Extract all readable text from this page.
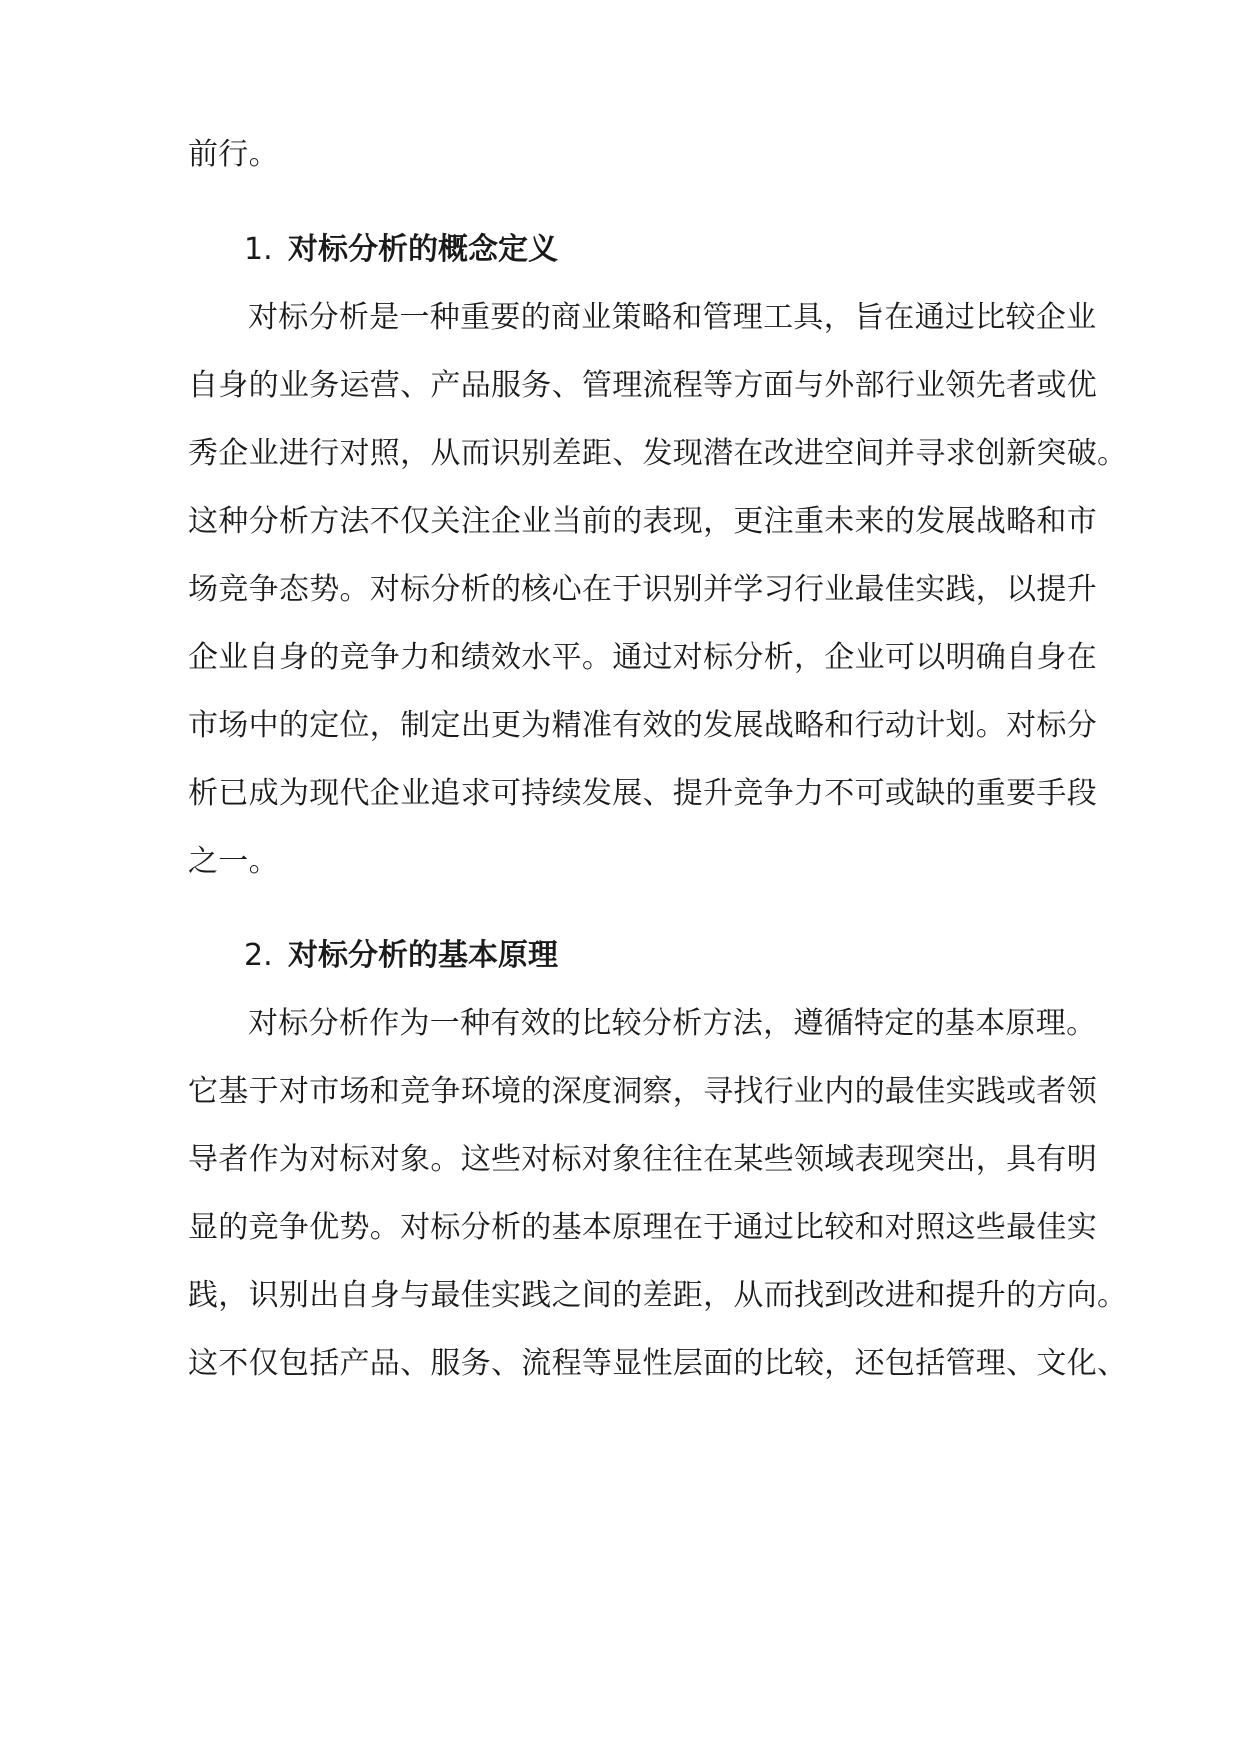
前行。
1. 对标分析的概念定义
对标分析是一种重要的商业策略和管理工具，旨在通过比较企业
自身的业务运营、产品服务、管理流程等方面与外部行业领先者或优
秀企业进行对照，从而识别差距、发现潜在改进空间并寻求创新突破。
这种分析方法不仅关注企业当前的表现，更注重未来的发展战略和市
场竞争态势。对标分析的核心在于识别并学习行业最佳实践，以提升
企业自身的竞争力和绩效水平。通过对标分析，企业可以明确自身在
市场中的定位，制定出更为精准有效的发展战略和行动计划。对标分
析已成为现代企业追求可持续发展、提升竞争力不可或缺的重要手段
之一。
2. 对标分析的基本原理
对标分析作为一种有效的比较分析方法，遵循特定的基本原理。
它基于对市场和竞争环境的深度洞察，寻找行业内的最佳实践或者领
导者作为对标对象。这些对标对象往往在某些领域表现突出，具有明
显的竞争优势。对标分析的基本原理在于通过比较和对照这些最佳实
践，识别出自身与最佳实践之间的差距，从而找到改进和提升的方向。
这不仅包括产品、服务、流程等显性层面的比较，还包括管理、文化、
